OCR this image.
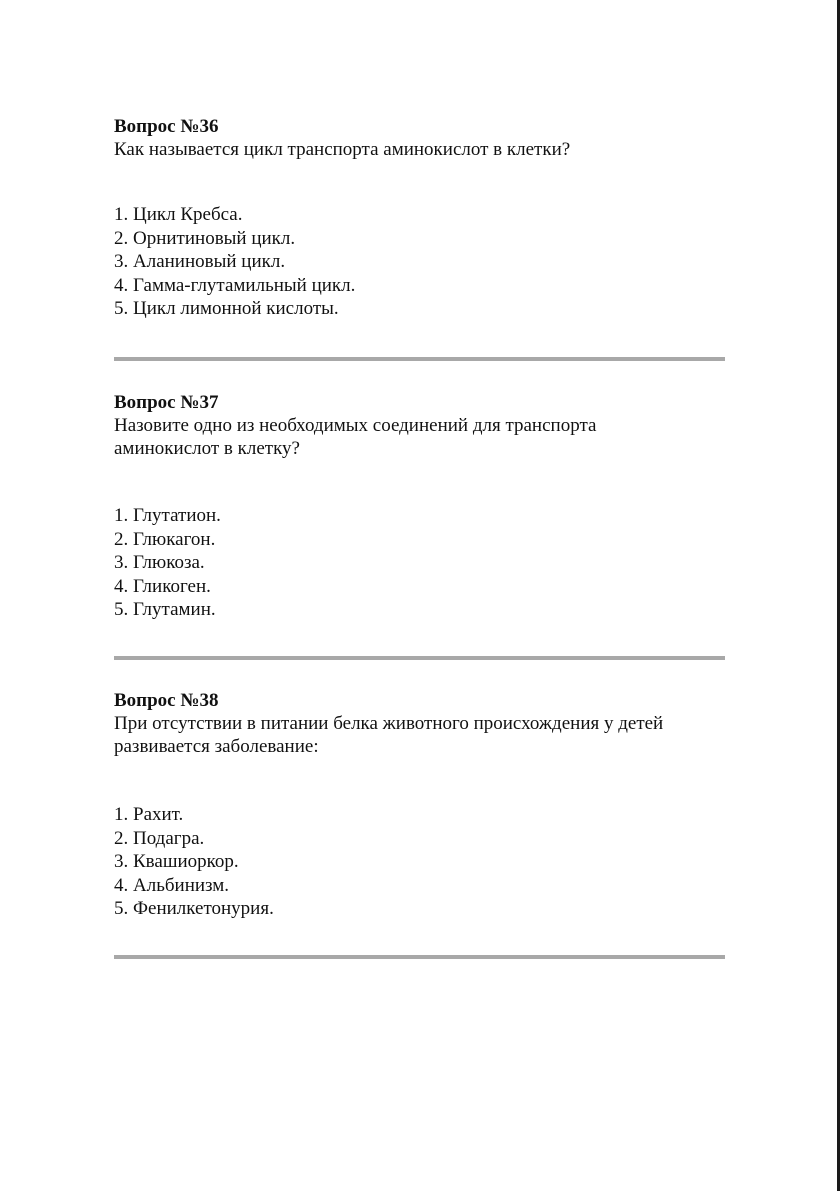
Вопрос №36

Как называется цикл транспорта аминокислот в клетки?

1. Цикл Кребса.
2. Орнитиновый цикл.
3. Аланиновый цикл.
4. Гамма-глутамильный цикл.
5. Цикл лимонной кислоты.

Вопрос №37

Назовите одно из необходимых соединений для транспорта
аминокислот в клетку?

1. Глутатион.
2. Глюкагон.
3. Глюкоза.
4. Гликоген.
5. Глутамин.

Вопрос №38

При отсутствии в питании белка животного происхождения у детей
развивается заболевание:

1. Рахит.
2. Подагра.
3. Квашиоркор.
4. Альбинизм.
5. Фенилкетонурия.
